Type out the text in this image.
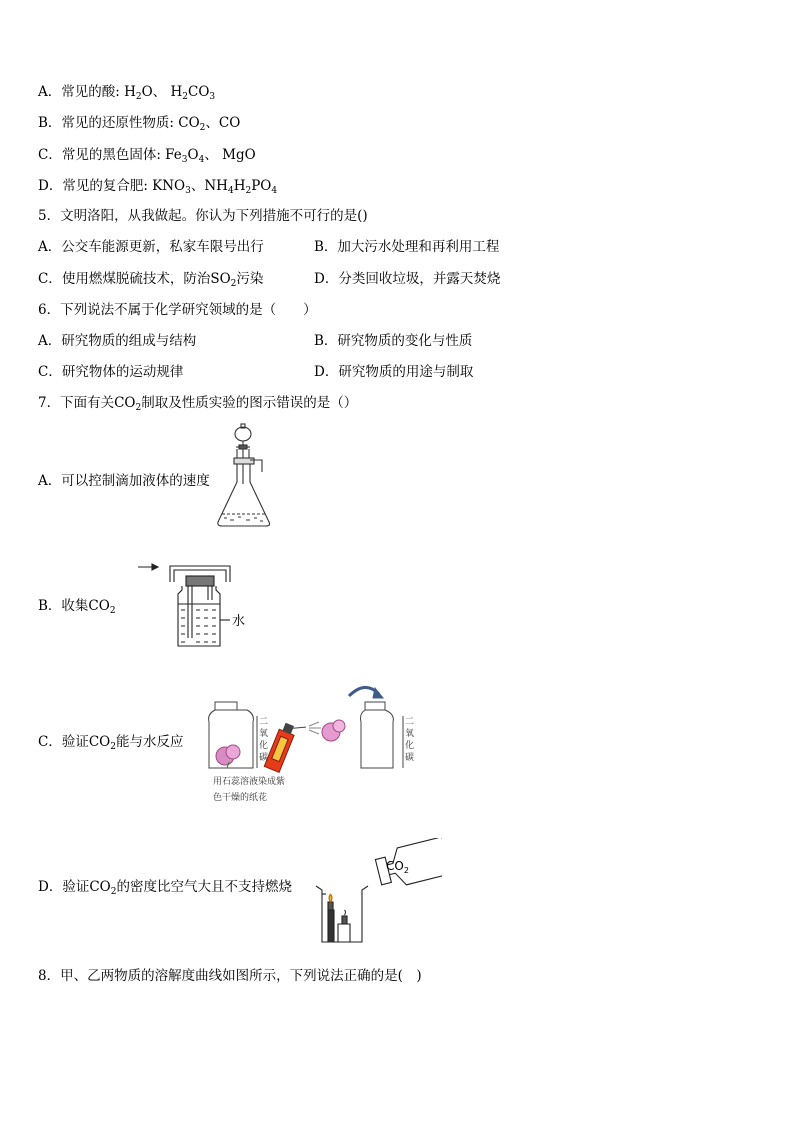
A．常见的酸: $H_2O$、 $H_2CO_3$
B．常见的还原性物质: $CO_2$、CO
C．常见的黑色固体: $Fe_3O_4$、 MgO
D．常见的复合肥: $KNO_3$、$NH_4H_2PO_4$
5．文明洛阳，从我做起。你认为下列措施不可行的是()
A．公交车能源更新，私家车限号出行	B．加大污水处理和再利用工程
C．使用燃煤脱硫技术，防治$SO_2$污染	D．分类回收垃圾，并露天焚烧
6．下列说法不属于化学研究领域的是（　　）
A．研究物质的组成与结构	B．研究物质的变化与性质
C．研究物体的运动规律	D．研究物质的用途与制取
7．下面有关$CO_2$制取及性质实验的图示错误的是（）
A．可以控制滴加液体的速度
B．收集$CO_2$
水
C．验证$CO_2$能与水反应
二
氧
化
碳
二
氧
化
碳
用石蕊溶液染成紫
色干燥的纸花
D．验证$CO_2$的密度比空气大且不支持燃烧
$CO_2$
8．甲、乙两物质的溶解度曲线如图所示，下列说法正确的是(　)
